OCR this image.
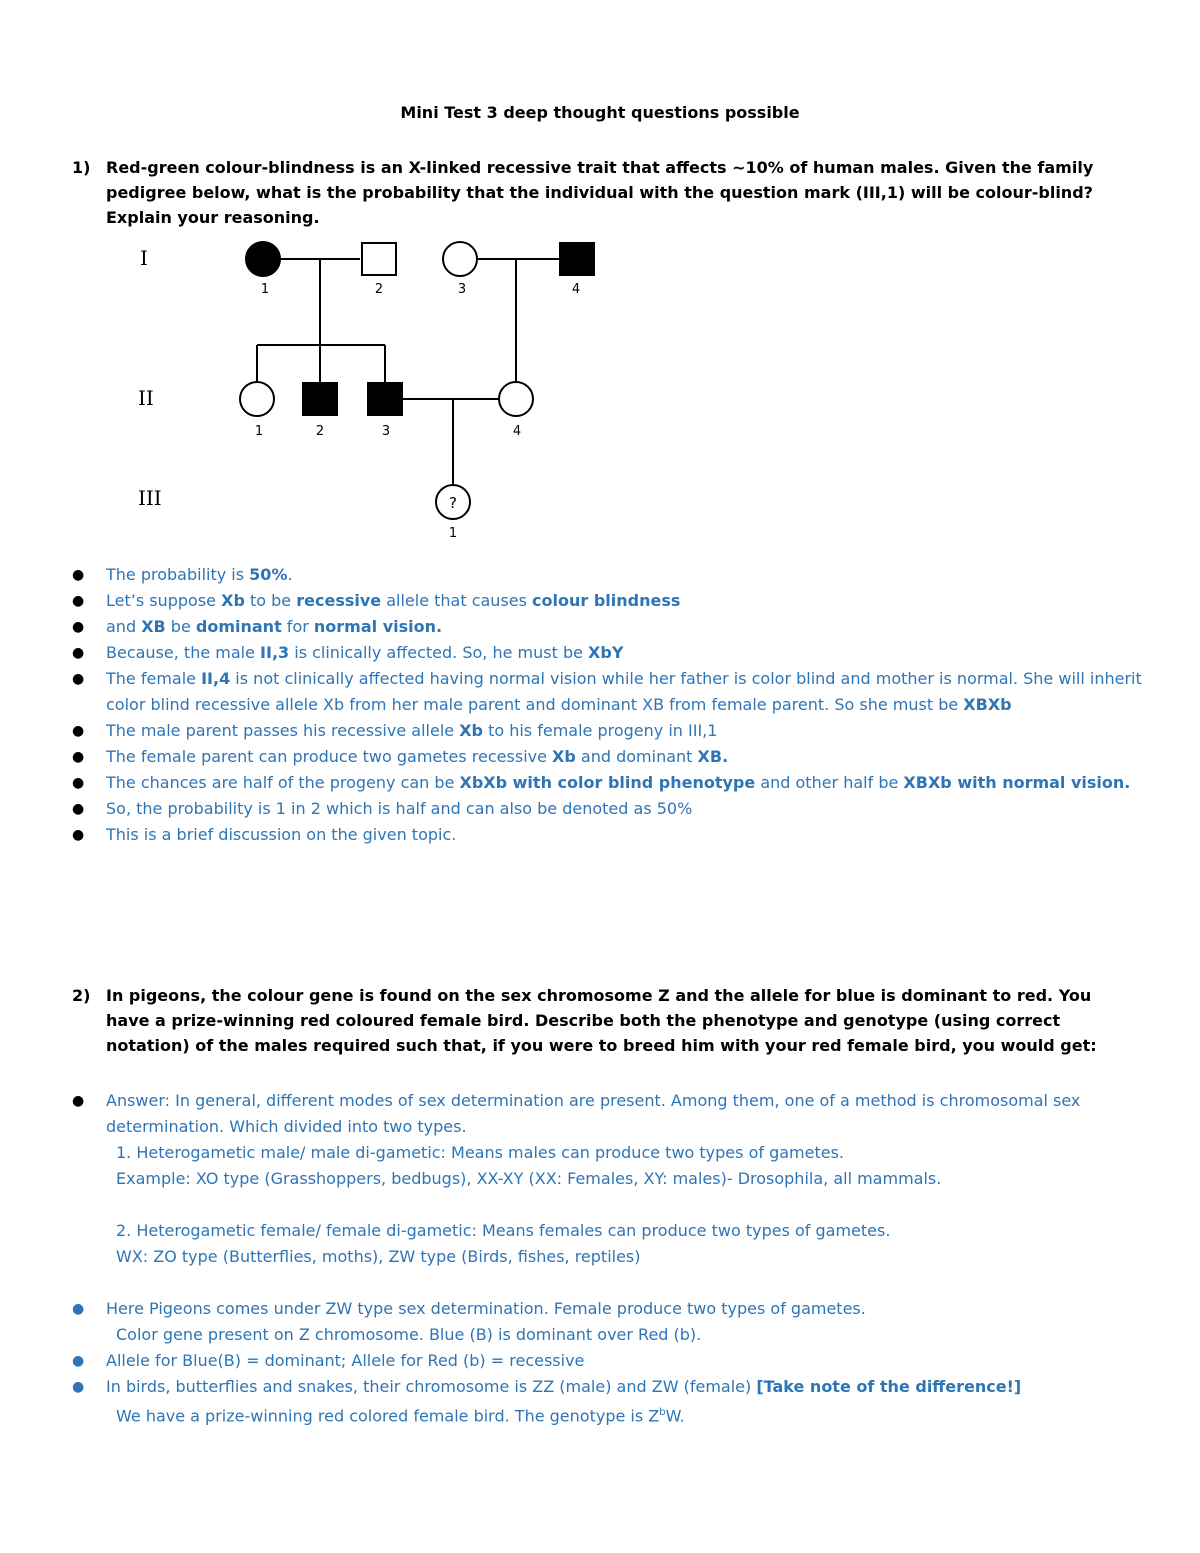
Mini Test 3 deep thought questions possible
1) Red-green colour-blindness is an X-linked recessive trait that affects ~10% of human males. Given the family pedigree below, what is the probability that the individual with the question mark (III,1) will be colour-blind? Explain your reasoning.
I
II
III	?
1	2	3	4
1	2	3	4
1
● The probability is 50%.
● Let’s suppose Xb to be recessive allele that causes colour blindness
● and XB be dominant for normal vision.
● Because, the male II,3 is clinically affected. So, he must be XbY
● The female II,4 is not clinically affected having normal vision while her father is color blind and mother is normal. She will inherit color blind recessive allele Xb from her male parent and dominant XB from female parent. So she must be XBXb
● The male parent passes his recessive allele Xb to his female progeny in III,1
● The female parent can produce two gametes recessive Xb and dominant XB.
● The chances are half of the progeny can be XbXb with color blind phenotype and other half be XBXb with normal vision.
● So, the probability is 1 in 2 which is half and can also be denoted as 50%
● This is a brief discussion on the given topic.
2) In pigeons, the colour gene is found on the sex chromosome Z and the allele for blue is dominant to red. You have a prize-winning red coloured female bird. Describe both the phenotype and genotype (using correct notation) of the males required such that, if you were to breed him with your red female bird, you would get:
● Answer: In general, different modes of sex determination are present. Among them, one of a method is chromosomal sex determination. Which divided into two types.
1. Heterogametic male/ male di-gametic: Means males can produce two types of gametes.
Example: XO type (Grasshoppers, bedbugs), XX-XY (XX: Females, XY: males)- Drosophila, all mammals.
2. Heterogametic female/ female di-gametic: Means females can produce two types of gametes.
WX: ZO type (Butterflies, moths), ZW type (Birds, fishes, reptiles)
● Here Pigeons comes under ZW type sex determination. Female produce two types of gametes.
Color gene present on Z chromosome. Blue (B) is dominant over Red (b).
● Allele for Blue(B) = dominant; Allele for Red (b) = recessive
● In birds, butterflies and snakes, their chromosome is ZZ (male) and ZW (female) [Take note of the difference!]
We have a prize-winning red colored female bird. The genotype is $Z^bW$.
